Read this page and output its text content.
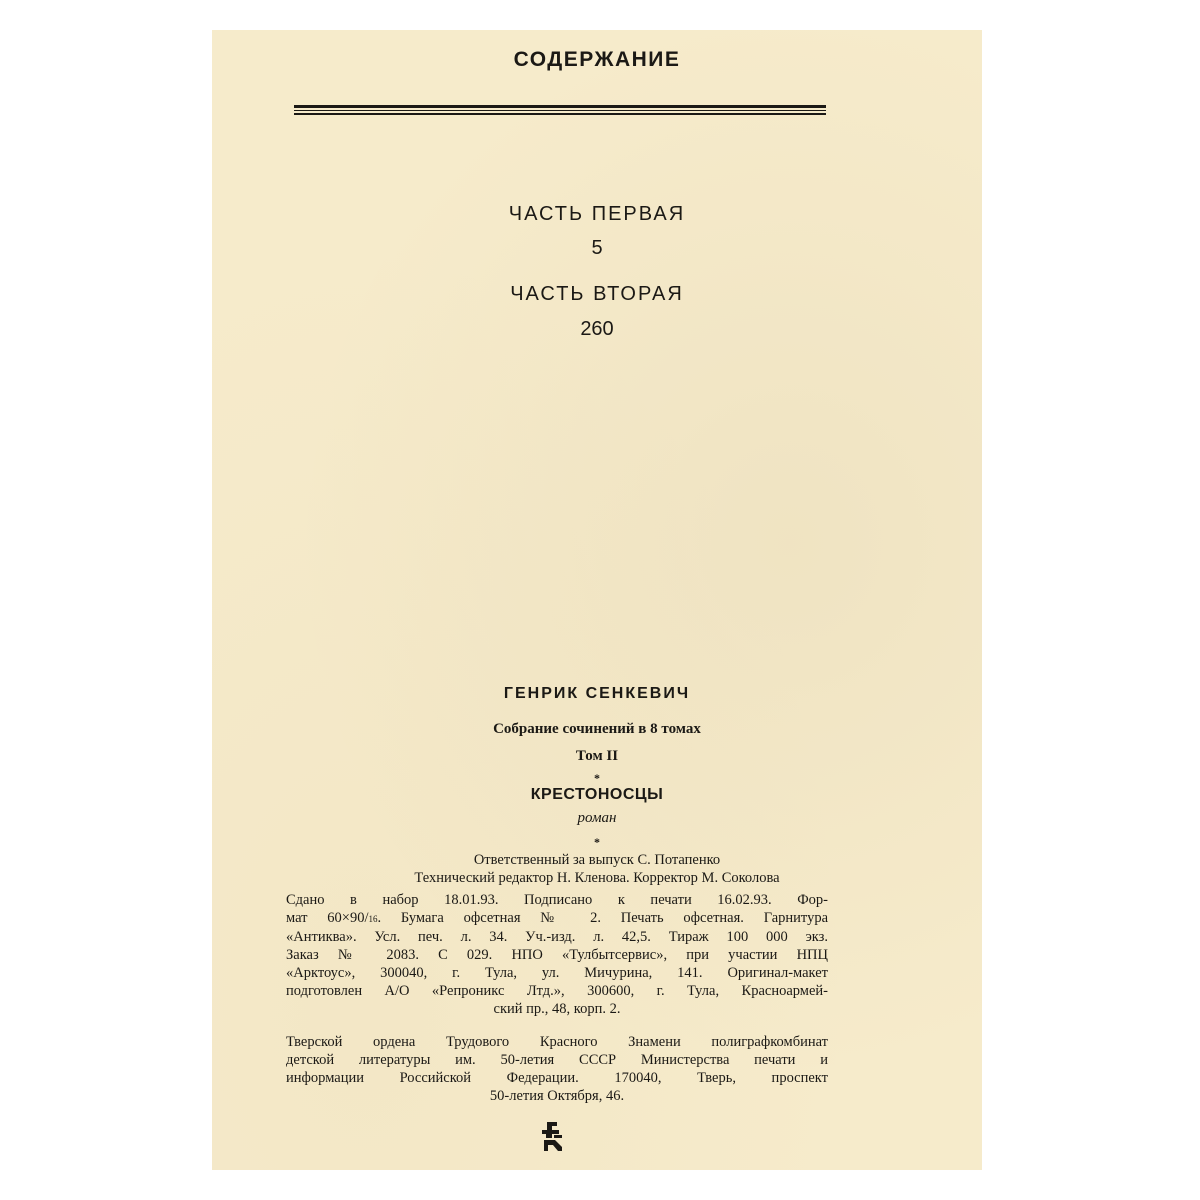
СОДЕРЖАНИЕ
ЧАСТЬ ПЕРВАЯ
5
ЧАСТЬ ВТОРАЯ
260
ГЕНРИК СЕНКЕВИЧ
Собрание сочинений в 8 томах
Том II
*
КРЕСТОНОСЦЫ
роман
*
Ответственный за выпуск С. Потапенко
Технический редактор Н. Кленова. Корректор М. Соколова
Сдано в набор 18.01.93. Подписано к печати 16.02.93. Фор-
мат 60×90/16. Бумага офсетная № 2. Печать офсетная. Гарнитура
«Антиква». Усл. печ. л. 34. Уч.-изд. л. 42,5. Тираж 100 000 экз.
Заказ № 2083. С 029. НПО «Тулбытсервис», при участии НПЦ
«Арктоус», 300040, г. Тула, ул. Мичурина, 141. Оригинал-макет
подготовлен А/О «Репроникс Лтд.», 300600, г. Тула, Красноармей-
ский пр., 48, корп. 2.
Тверской ордена Трудового Красного Знамени полиграфкомбинат
детской литературы им. 50-летия СССР Министерства печати и
информации Российской Федерации. 170040, Тверь, проспект
50-летия Октября, 46.
